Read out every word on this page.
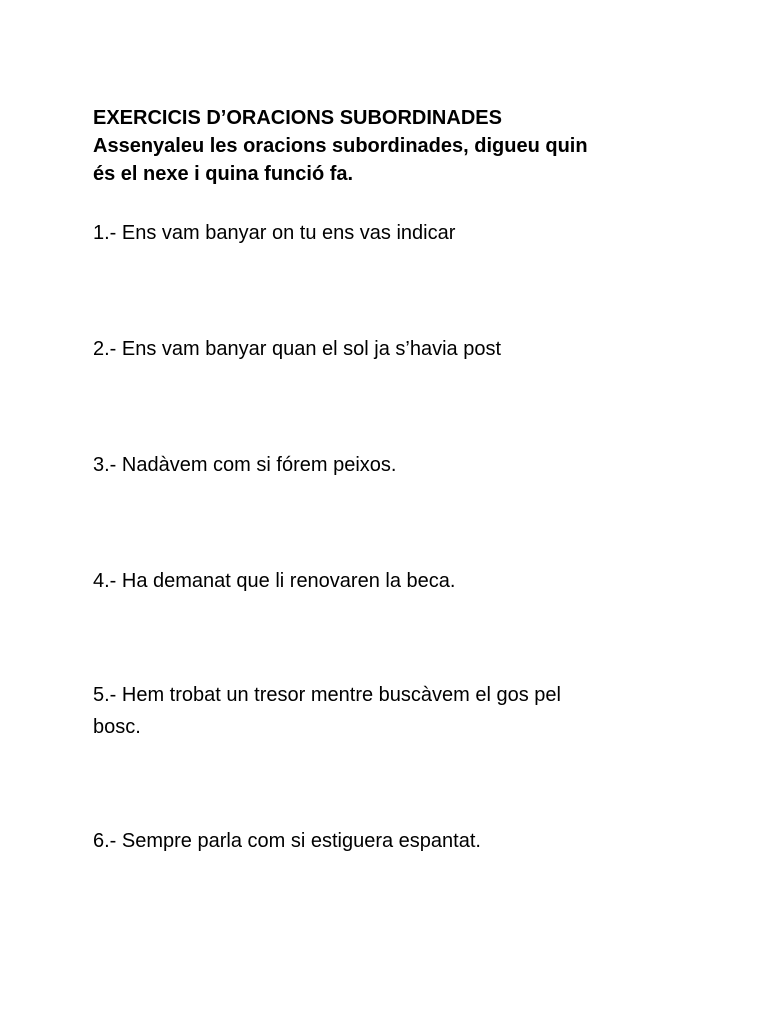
EXERCICIS D’ORACIONS SUBORDINADES
Assenyaleu les oracions subordinades, digueu quin
és el nexe i quina funció fa.

1.- Ens vam banyar on tu ens vas indicar

2.- Ens vam banyar quan el sol ja s’havia post

3.- Nadàvem com si fórem peixos.

4.- Ha demanat que li renovaren la beca.

5.- Hem trobat un tresor mentre buscàvem el gos pel
bosc.

6.- Sempre parla com si estiguera espantat.
